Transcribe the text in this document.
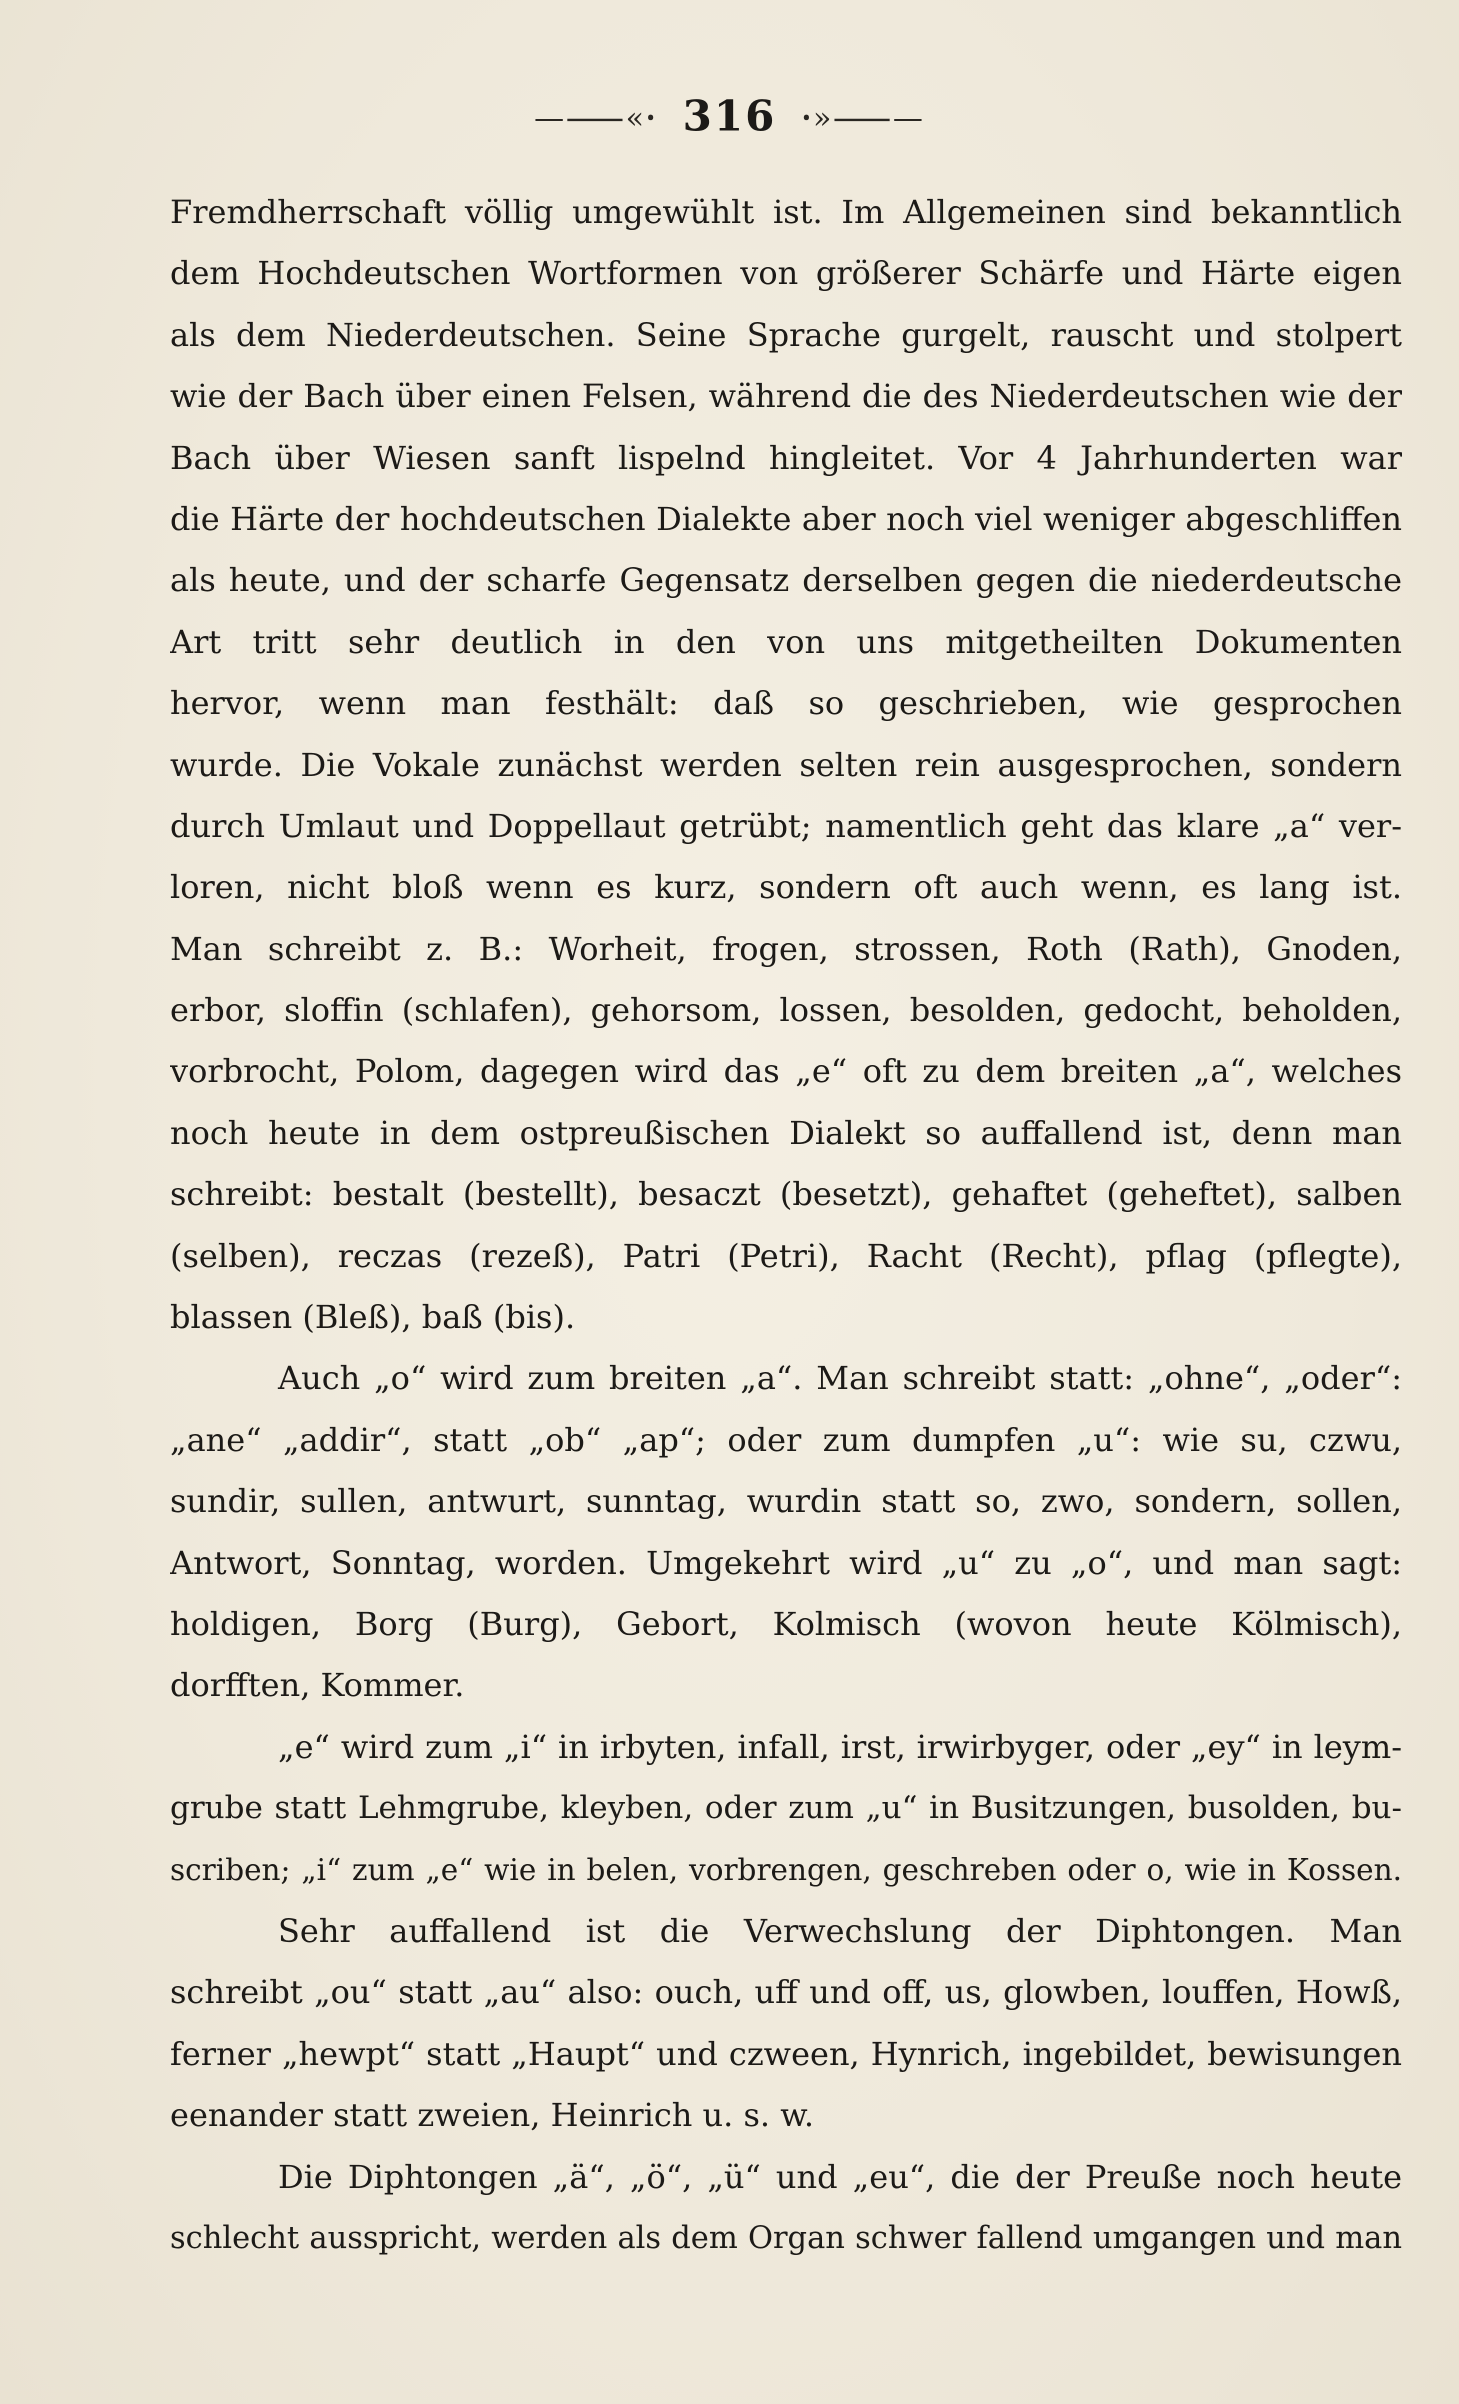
—⸺«ꞏ 316 ꞏ»⸺—
Fremdherrschaft völlig umgewühlt ist. Im Allgemeinen sind bekanntlich
dem Hochdeutschen Wortformen von größerer Schärfe und Härte eigen
als dem Niederdeutschen. Seine Sprache gurgelt, rauscht und stolpert
wie der Bach über einen Felsen, während die des Niederdeutschen wie der
Bach über Wiesen sanft lispelnd hingleitet. Vor 4 Jahrhunderten war
die Härte der hochdeutschen Dialekte aber noch viel weniger abgeschliffen
als heute, und der scharfe Gegensatz derselben gegen die niederdeutsche
Art tritt sehr deutlich in den von uns mitgetheilten Dokumenten
hervor, wenn man festhält: daß so geschrieben, wie gesprochen
wurde. Die Vokale zunächst werden selten rein ausgesprochen, sondern
durch Umlaut und Doppellaut getrübt; namentlich geht das klare „a“ ver-
loren, nicht bloß wenn es kurz, sondern oft auch wenn, es lang ist.
Man schreibt z. B.: Worheit, frogen, strossen, Roth (Rath), Gnoden,
erbor, sloffin (schlafen), gehorsom, lossen, besolden, gedocht, beholden,
vorbrocht, Polom, dagegen wird das „e“ oft zu dem breiten „a“, welches
noch heute in dem ostpreußischen Dialekt so auffallend ist, denn man
schreibt: bestalt (bestellt), besaczt (besetzt), gehaftet (geheftet), salben
(selben), reczas (rezeß), Patri (Petri), Racht (Recht), pflag (pflegte),
blassen (Bleß), baß (bis).
Auch „o“ wird zum breiten „a“. Man schreibt statt: „ohne“, „oder“:
„ane“ „addir“, statt „ob“ „ap“; oder zum dumpfen „u“: wie su, czwu,
sundir, sullen, antwurt, sunntag, wurdin statt so, zwo, sondern, sollen,
Antwort, Sonntag, worden. Umgekehrt wird „u“ zu „o“, und man sagt:
holdigen, Borg (Burg), Gebort, Kolmisch (wovon heute Kölmisch),
dorfften, Kommer.
„e“ wird zum „i“ in irbyten, infall, irst, irwirbyger, oder „ey“ in leym-
grube statt Lehmgrube, kleyben, oder zum „u“ in Busitzungen, busolden, bu-
scriben; „i“ zum „e“ wie in belen, vorbrengen, geschreben oder o, wie in Kossen.
Sehr auffallend ist die Verwechslung der Diphtongen. Man
schreibt „ou“ statt „au“ also: ouch, uff und off, us, glowben, louffen, Howß,
ferner „hewpt“ statt „Haupt“ und czween, Hynrich, ingebildet, bewisungen
eenander statt zweien, Heinrich u. s. w.
Die Diphtongen „ä“, „ö“, „ü“ und „eu“, die der Preuße noch heute
schlecht ausspricht, werden als dem Organ schwer fallend umgangen und man
